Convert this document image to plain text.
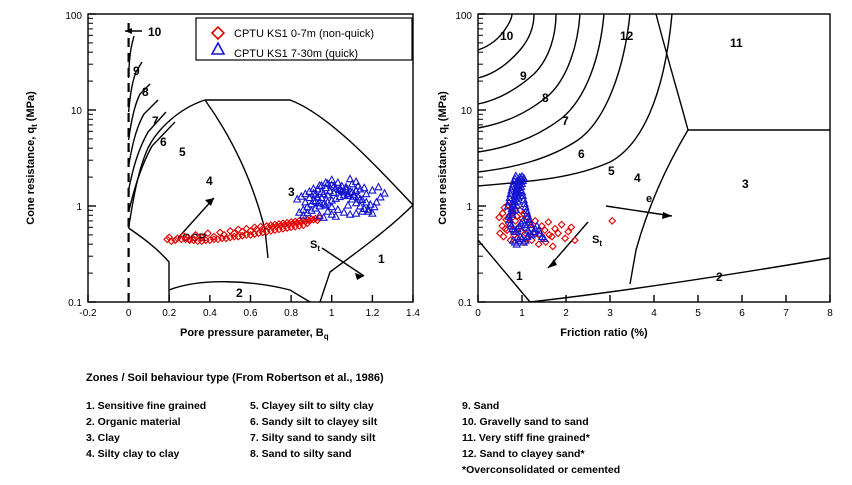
0.1
1
10
100
-0.2	0	0.2	0.4	0.6	0.8	1	1.2	1.4
Pore pressure parameter, $B_q$
Cone resistance, $q_t$ (MPa)
10
9
8
7
6
5
4
3
1
2
OCR
$S_t$
CPTU KS1 0-7m (non-quick)
CPTU KS1 7-30m (quick)
0.1
1
10
100
0	1	2	3	4	5	6	7	8
Friction ratio (%)
Cone resistance, $q_t$ (MPa)
10
9
8
7
6
5 4	3
12	11
1	2
e
$S_t$
Zones / Soil behaviour type (From Robertson et al., 1986)
1. Sensitive fine grained
2. Organic material
3. Clay
4. Silty clay to clay
5. Clayey silt to silty clay
6. Sandy silt to clayey silt
7. Silty sand to sandy silt
8. Sand to silty sand
9. Sand
10. Gravelly sand to sand
11. Very stiff fine grained*
12. Sand to clayey sand*
*Overconsolidated or cemented
